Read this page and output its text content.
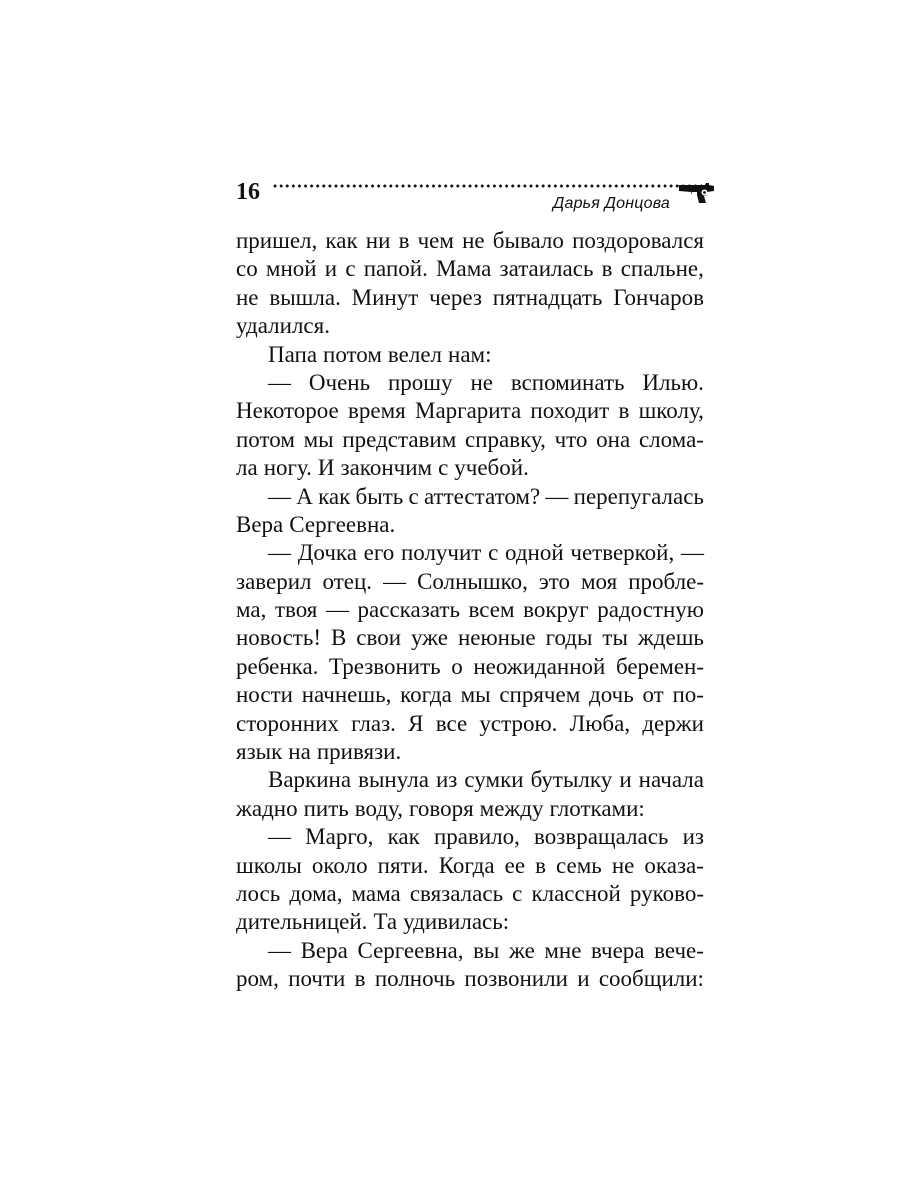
16	Дарья Донцова
пришел, как ни в чем не бывало поздоровался
со мной и с папой. Мама затаилась в спальне,
не вышла. Минут через пятнадцать Гончаров
удалился.
Папа потом велел нам:
— Очень прошу не вспоминать Илью.
Некоторое время Маргарита походит в школу,
потом мы представим справку, что она слома-
ла ногу. И закончим с учебой.
— А как быть с аттестатом? — перепугалась
Вера Сергеевна.
— Дочка его получит с одной четверкой, —
заверил отец. — Солнышко, это моя пробле-
ма, твоя — рассказать всем вокруг радостную
новость! В свои уже неюные годы ты ждешь
ребенка. Трезвонить о неожиданной беремен-
ности начнешь, когда мы спрячем дочь от по-
сторонних глаз. Я все устрою. Люба, держи
язык на привязи.
Варкина вынула из сумки бутылку и начала
жадно пить воду, говоря между глотками:
— Марго, как правило, возвращалась из
школы около пяти. Когда ее в семь не оказа-
лось дома, мама связалась с классной руково-
дительницей. Та удивилась:
— Вера Сергеевна, вы же мне вчера вече-
ром, почти в полночь позвонили и сообщили:
